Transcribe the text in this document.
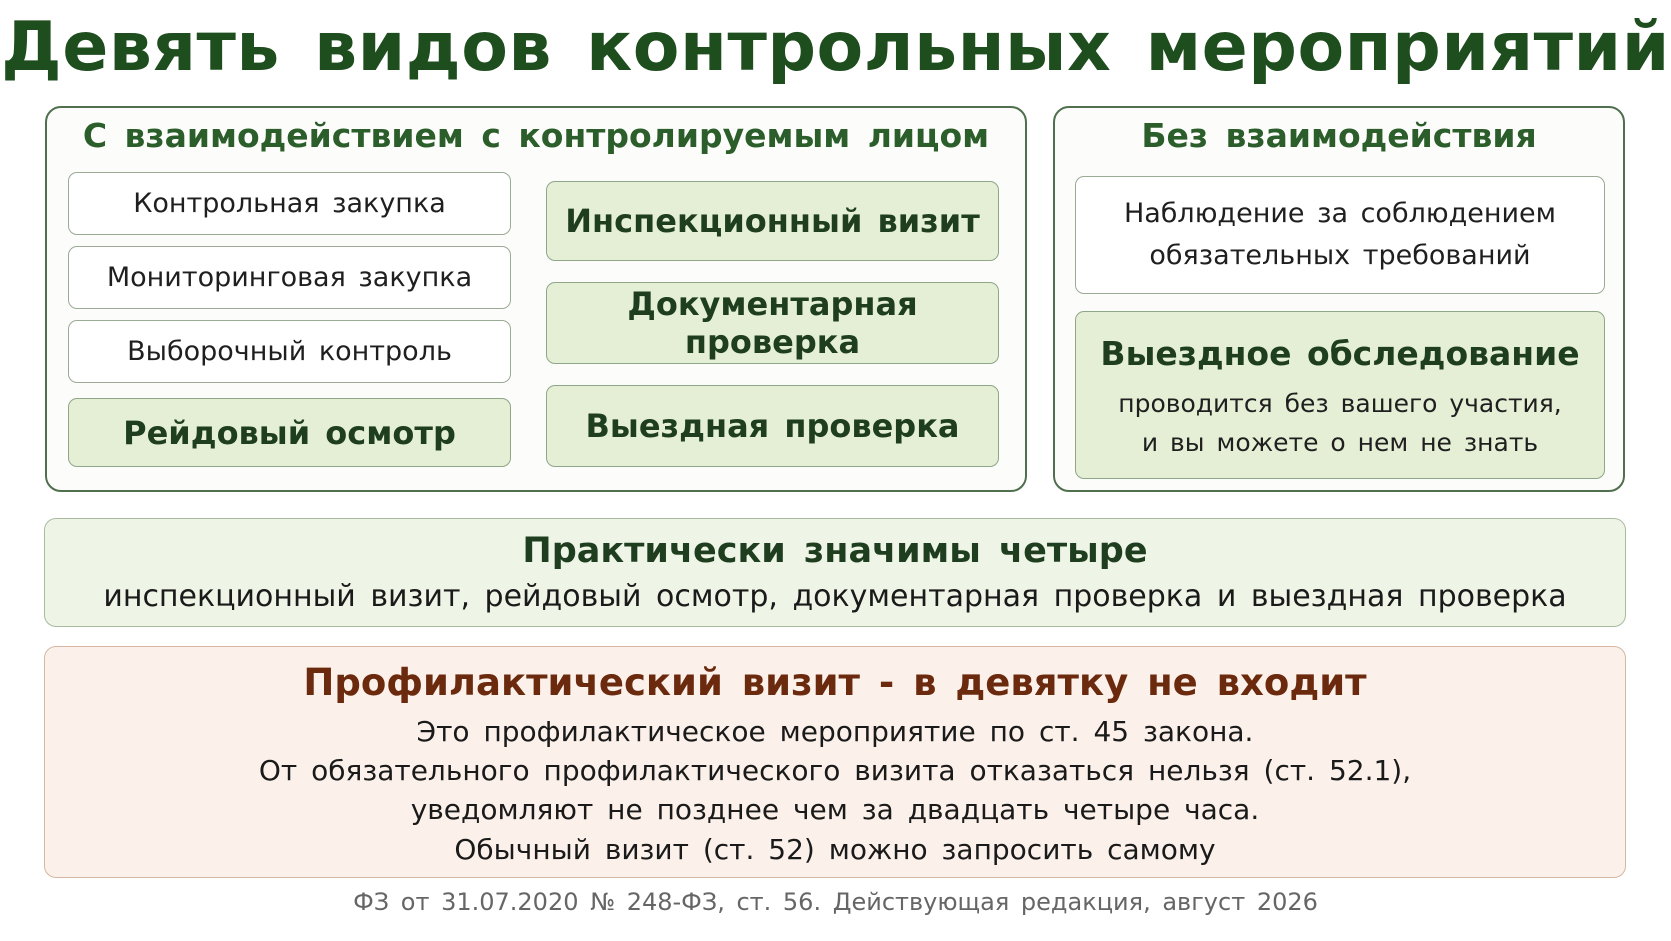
Девять видов контрольных мероприятий
С взаимодействием с контролируемым лицом
Контрольная закупка
Мониторинговая закупка
Выборочный контроль
Рейдовый осмотр
Инспекционный визит
Документарная проверка
Выездная проверка
Без взаимодействия
Наблюдение за соблюдением
обязательных требований
Выездное обследование
проводится без вашего участия,
и вы можете о нем не знать
Практически значимы четыре
инспекционный визит, рейдовый осмотр, документарная проверка и выездная проверка
Профилактический визит - в девятку не входит
Это профилактическое мероприятие по ст. 45 закона.
От обязательного профилактического визита отказаться нельзя (ст. 52.1),
уведомляют не позднее чем за двадцать четыре часа.
Обычный визит (ст. 52) можно запросить самому
ФЗ от 31.07.2020 № 248-ФЗ, ст. 56. Действующая редакция, август 2026
